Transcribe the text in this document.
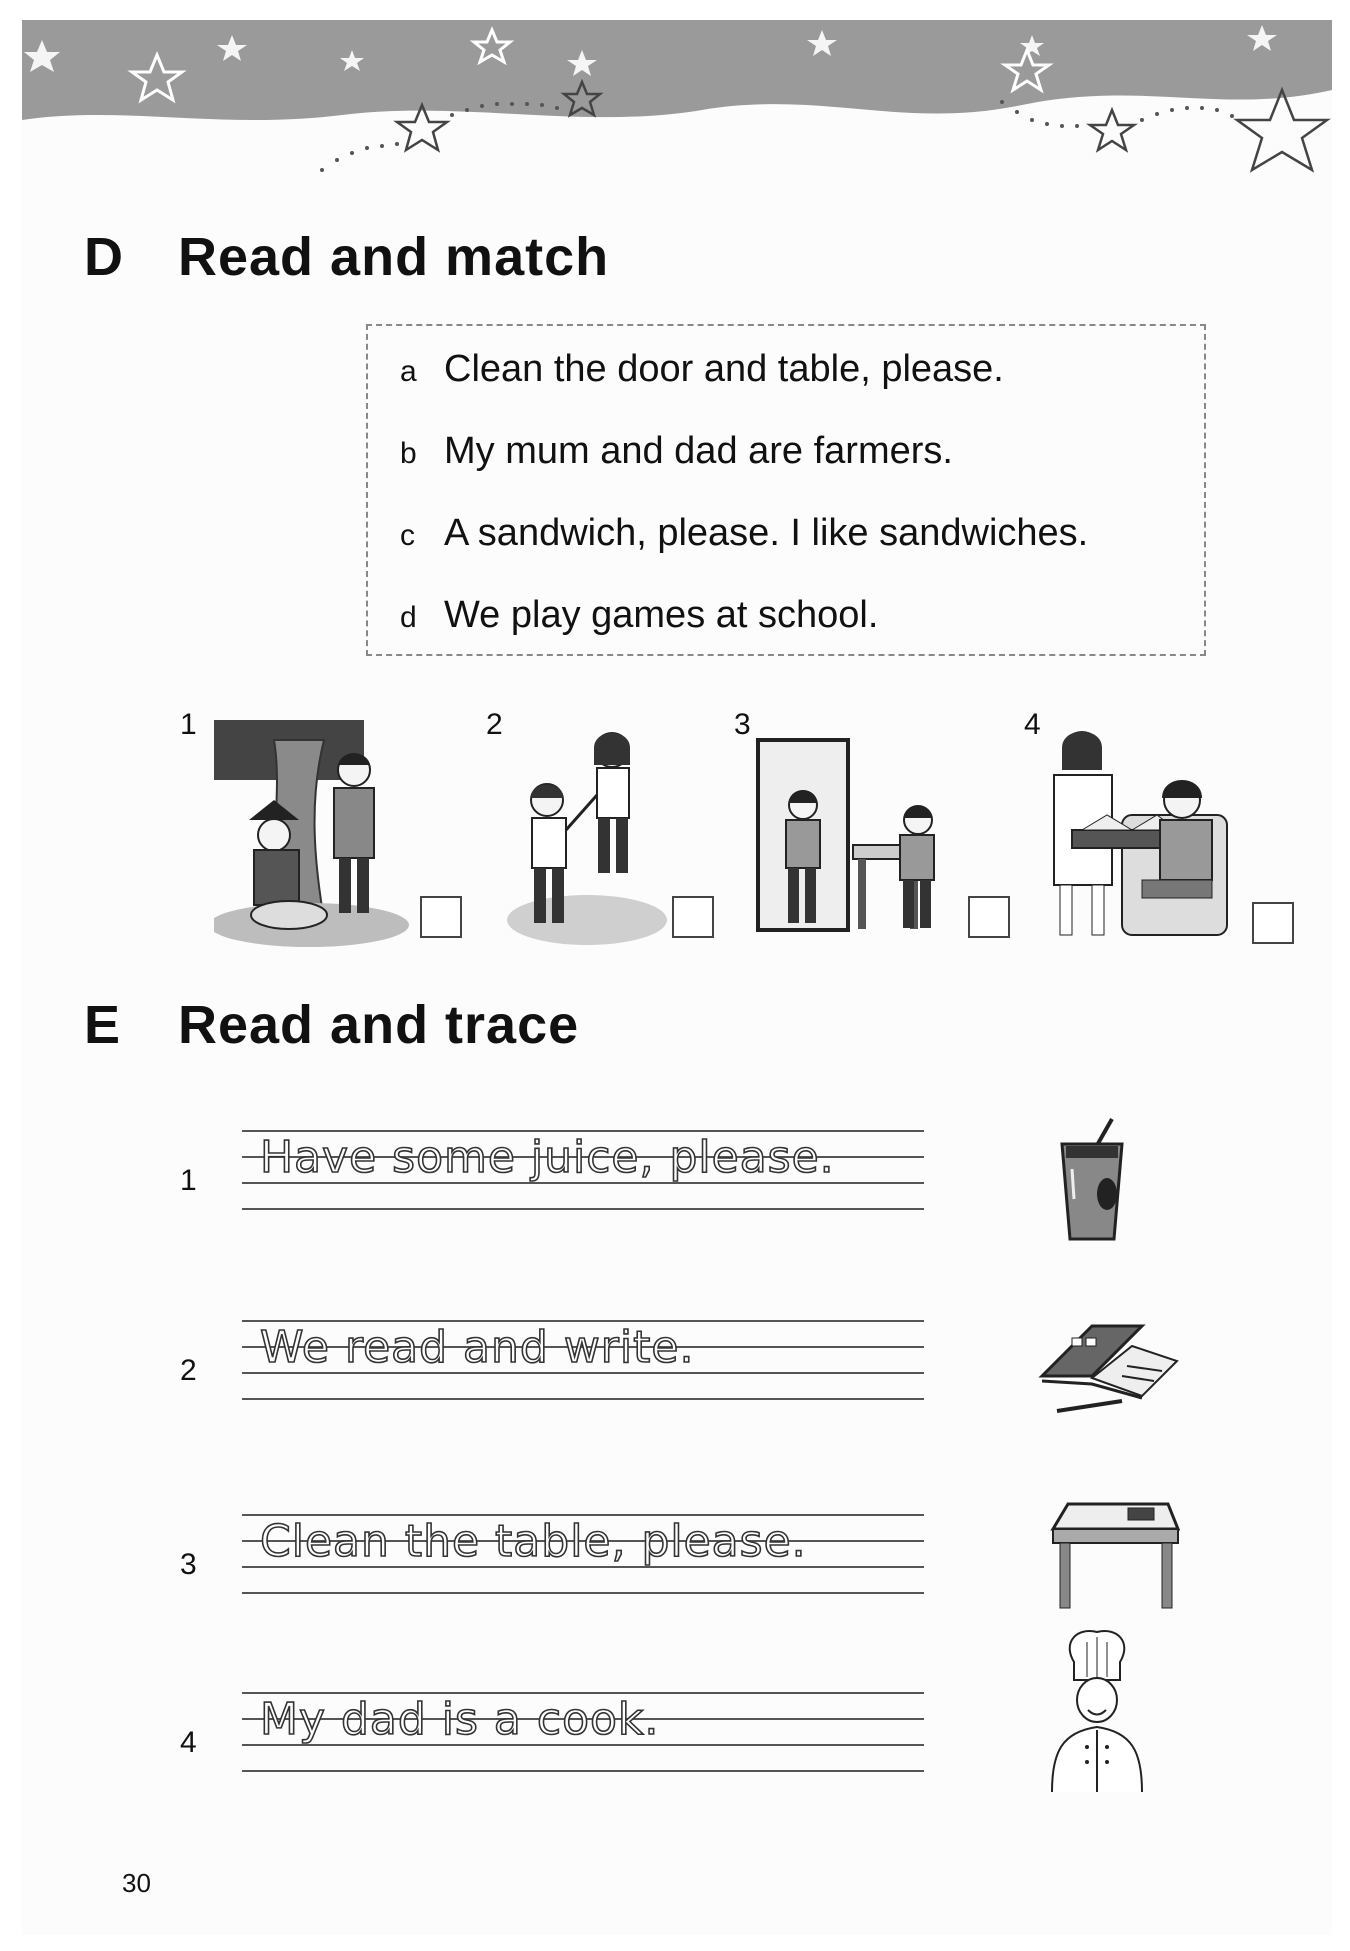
D Read and match
a Clean the door and table, please.
b My mum and dad are farmers.
c A sandwich, please. I like sandwiches.
d We play games at school.
1	2	3	4
E Read and trace
1 Have some juice, please.
2 We read and write.
3 Clean the table, please.
4 My dad is a cook.
30
